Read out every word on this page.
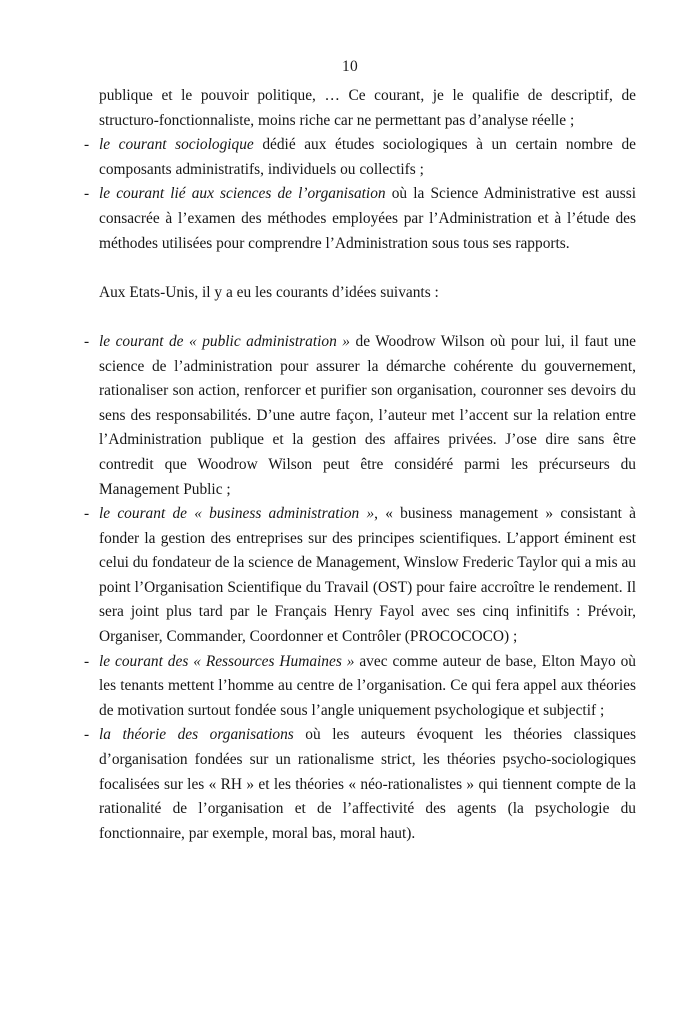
10

publique et le pouvoir politique, … Ce courant, je le qualifie de descriptif, de structuro-fonctionnaliste, moins riche car ne permettant pas d’analyse réelle ;

- le courant sociologique dédié aux études sociologiques à un certain nombre de composants administratifs, individuels ou collectifs ;
- le courant lié aux sciences de l’organisation où la Science Administrative est aussi consacrée à l’examen des méthodes employées par l’Administration et à l’étude des méthodes utilisées pour comprendre l’Administration sous tous ses rapports.

Aux Etats-Unis, il y a eu les courants d’idées suivants :

- le courant de « public administration » de Woodrow Wilson où pour lui, il faut une science de l’administration pour assurer la démarche cohérente du gouvernement, rationaliser son action, renforcer et purifier son organisation, couronner ses devoirs du sens des responsabilités. D’une autre façon, l’auteur met l’accent sur la relation entre l’Administration publique et la gestion des affaires privées. J’ose dire sans être contredit que Woodrow Wilson peut être considéré parmi les précurseurs du Management Public ;
- le courant de « business administration », « business management » consistant à fonder la gestion des entreprises sur des principes scientifiques. L’apport éminent est celui du fondateur de la science de Management, Winslow Frederic Taylor qui a mis au point l’Organisation Scientifique du Travail (OST) pour faire accroître le rendement. Il sera joint plus tard par le Français Henry Fayol avec ses cinq infinitifs : Prévoir, Organiser, Commander, Coordonner et Contrôler (PROCOCOCO) ;
- le courant des « Ressources Humaines » avec comme auteur de base, Elton Mayo où les tenants mettent l’homme au centre de l’organisation. Ce qui fera appel aux théories de motivation surtout fondée sous l’angle uniquement psychologique et subjectif ;
- la théorie des organisations où les auteurs évoquent les théories classiques d’organisation fondées sur un rationalisme strict, les théories psycho-sociologiques focalisées sur les « RH » et les théories « néo-rationalistes » qui tiennent compte de la rationalité de l’organisation et de l’affectivité des agents (la psychologie du fonctionnaire, par exemple, moral bas, moral haut).
